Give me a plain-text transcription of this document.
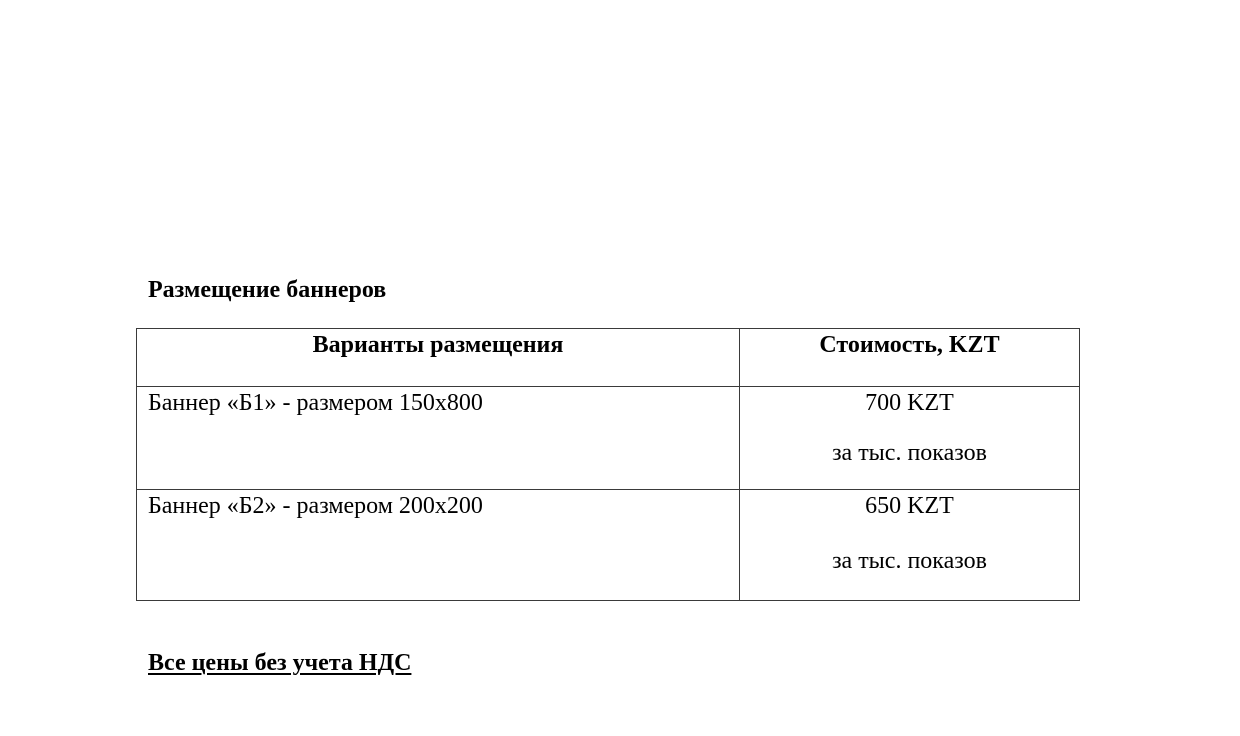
Размещение баннеров
Варианты размещения	Стоимость, KZT
Баннер «Б1» - размером 150х800	700 KZT
за тыс. показов

Баннер «Б2» - размером 200х200	650 KZT
за тыс. показов

Все цены без учета НДС
